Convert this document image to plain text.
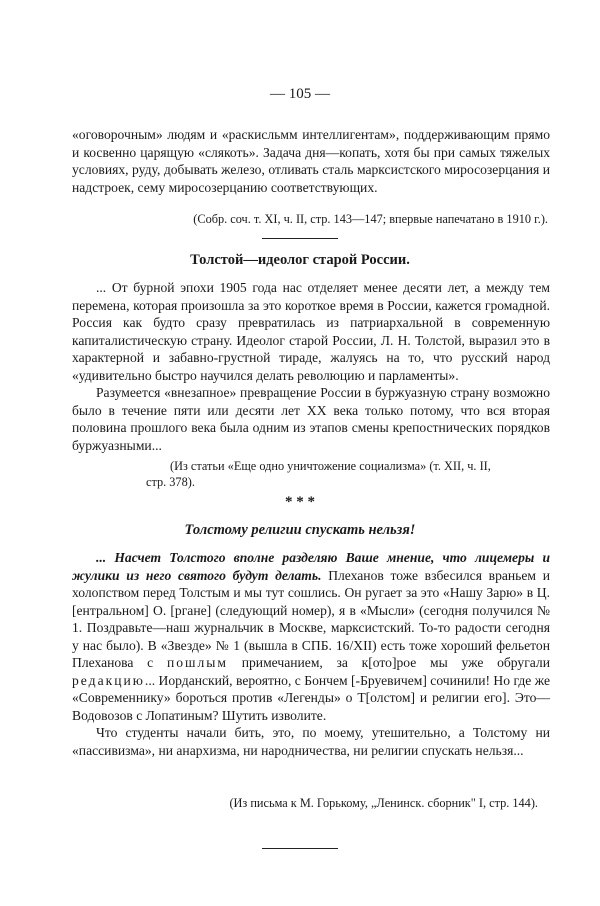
— 105 —

«оговорочным» людям и «раскисльмм интеллигентам», поддерживающим прямо и косвенно царящую «слякоть». Задача дня—копать, хотя бы при самых тяжелых условиях, руду, добывать железо, отливать сталь марксистского миросозерцания и надстроек, сему миросозерцанию соответствующих.

(Собр. соч. т. XI, ч. II, стр. 143—147; впервые напечатано в 1910 г.).
Толстой—идеолог старой России.

... От бурной эпохи 1905 года нас отделяет менее десяти лет, а между тем перемена, которая произошла за это короткое время в России, кажется громадной. Россия как будто сразу превратилась из патриархальной в современную капиталистическую страну. Идеолог старой России, Л. Н. Толстой, выразил это в характерной и забавно-грустной тираде, жалуясь на то, что русский народ «удивительно быстро научился делать революцию и парламенты».

Разумеется «внезапное» превращение России в буржуазную страну возможно было в течение пяти или десяти лет XX века только потому, что вся вторая половина прошлого века была одним из этапов смены крепостнических порядков буржуазными...

(Из статьи «Еще одно уничтожение социализма» (т. XII, ч. II,
стр. 378).
* * *
Толстому религии спускать нельзя!

... Насчет Толстого вполне разделяю Ваше мнение, что лицемеры и жулики из него святого будут делать. Плеханов тоже взбесился враньем и холопством перед Толстым и мы тут сошлись. Он ругает за это «Нашу Зарю» в Ц. [ентральном] О. [ргане] (следующий номер), я в «Мысли» (сегодня получился № 1. Поздравьте—наш журнальчик в Москве, марксистский. То-то радости сегодня у нас было). В «Звезде» № 1 (вышла в СПБ. 16/XII) есть тоже хороший фельетон Плеханова с пошлым примечанием, за к[ото]рое мы уже обругали редакцию... Иорданский, вероятно, с Бончем [-Бруевичем] сочинили! Но где же «Современнику» бороться против «Легенды» о Т[олстом] и религии его]. Это—Водовозов с Лопатиным? Шутить изволите.

Что студенты начали бить, это, по моему, утешительно, а Толстому ни «пассивизма», ни анархизма, ни народничества, ни религии спускать нельзя...

(Из письма к М. Горькому, „Ленинск. сборник" I, стр. 144).
